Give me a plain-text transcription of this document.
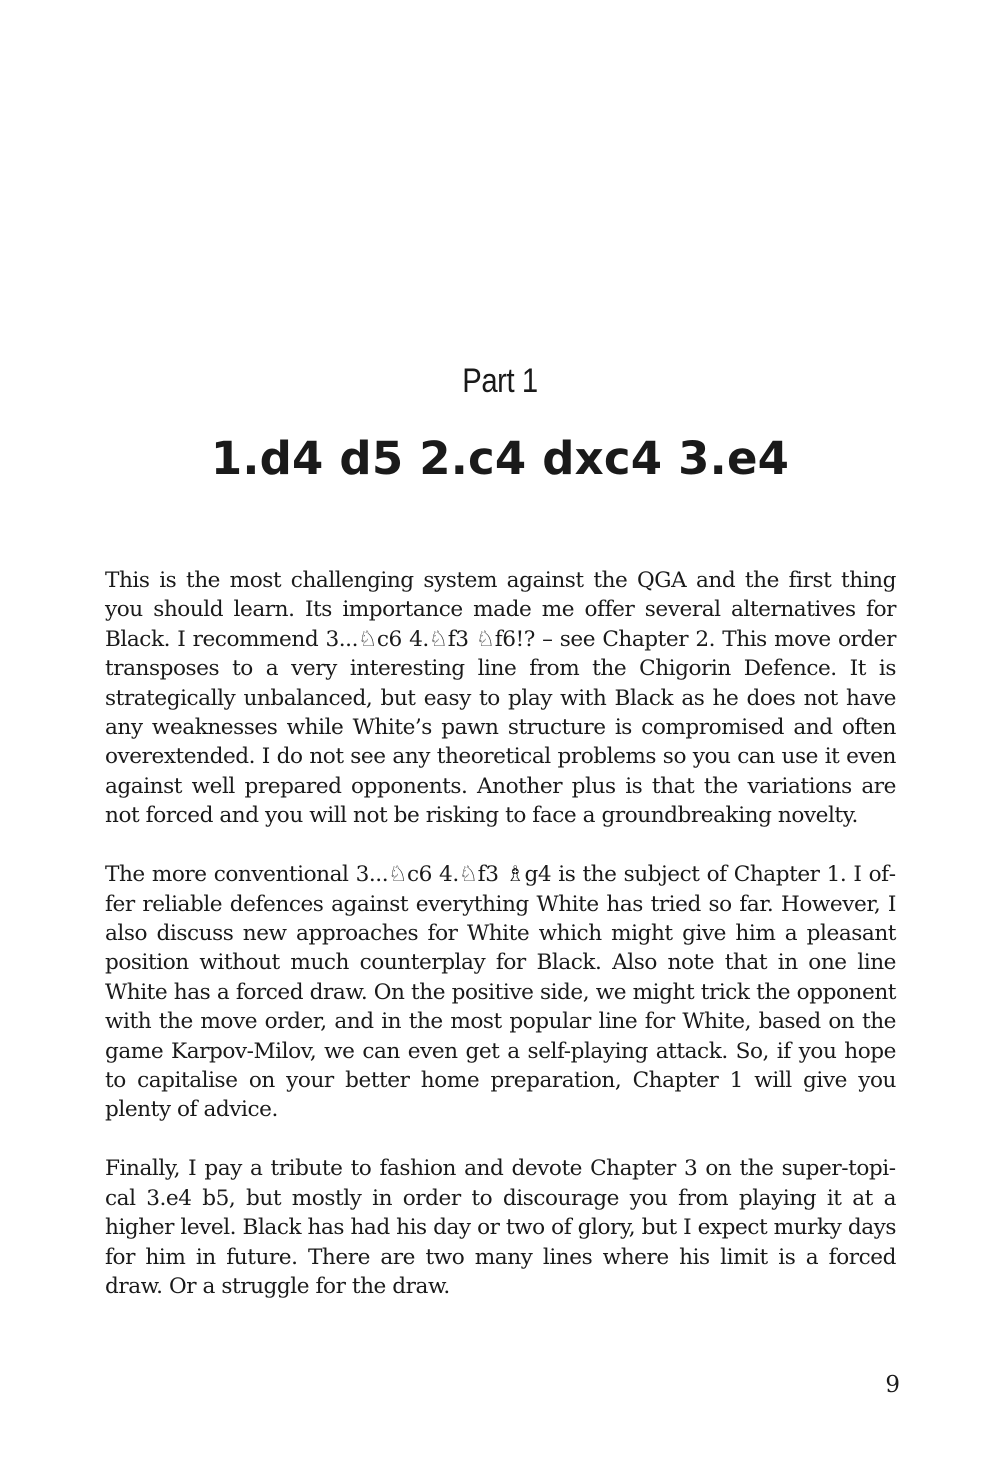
Part 1
1.d4 d5 2.c4 dxc4 3.e4

This is the most challenging system against the QGA and the first thing you should learn. Its importance made me offer several alternatives for Black. I recommend 3...♘c6 4.♘f3 ♘f6!? – see Chapter 2. This move order transposes to a very interesting line from the Chigorin Defence. It is strategically unbalanced, but easy to play with Black as he does not have any weaknesses while White’s pawn structure is compromised and often overextended. I do not see any theoretical problems so you can use it even against well prepared opponents. Another plus is that the variations are not forced and you will not be risking to face a groundbreaking novelty.

The more conventional 3...♘c6 4.♘f3 ♗g4 is the subject of Chapter 1. I offer reliable defences against everything White has tried so far. However, I also discuss new approaches for White which might give him a pleasant position without much counterplay for Black. Also note that in one line White has a forced draw. On the positive side, we might trick the opponent with the move order, and in the most popular line for White, based on the game Karpov-Milov, we can even get a self-playing attack. So, if you hope to capitalise on your better home preparation, Chapter 1 will give you plenty of advice.

Finally, I pay a tribute to fashion and devote Chapter 3 on the super-topical 3.e4 b5, but mostly in order to discourage you from playing it at a higher level. Black has had his day or two of glory, but I expect murky days for him in future. There are two many lines where his limit is a forced draw. Or a struggle for the draw.

9
